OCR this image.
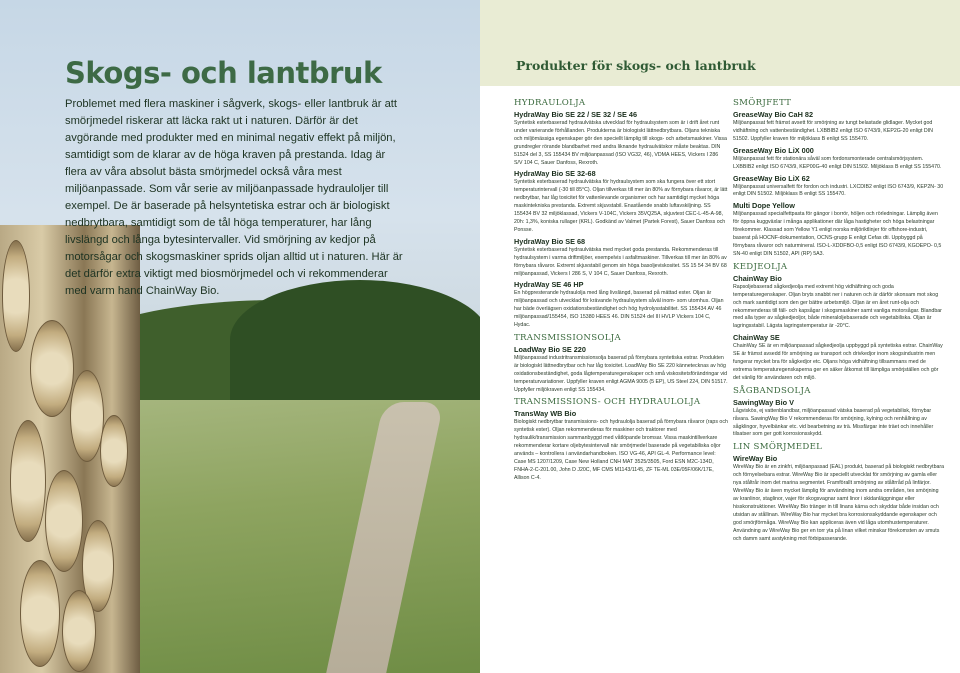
Skogs- och lantbruk

Problemet med flera maskiner i sågverk, skogs- eller lantbruk är att smörjmedel riskerar att läcka rakt ut i naturen. Därför är det avgörande med produkter med en minimal negativ effekt på miljön, samtidigt som de klarar av de höga kraven på prestanda. Idag är flera av våra absolut bästa smörjmedel också våra mest miljöanpassade. Som vår serie av miljöanpassade hydrauloljer till exempel. De är baserade på helsyntetiska estrar och är biologiskt nedbrytbara, samtidigt som de tål höga temperaturer, har lång livslängd och långa bytesintervaller. Vid smörjning av kedjor på motorsågar och skogsmaskiner sprids oljan alltid ut i naturen. Här är det därför extra viktigt med biosmörjmedel och vi rekommenderar med varm hand ChainWay Bio.

Produkter för skogs- och lantbruk
HYDRAULOLJA
HydraWay Bio SE 22 / SE 32 / SE 46
Syntetisk esterbaserad hydraulvätska utvecklad för hydraulsystem som är i drift året runt under varierande förhållanden. Produkterna är biologiskt lättnedbrytbara. Oljans tekniska och miljömässiga egenskaper gör den speciellt lämplig till skogs- och arbetsmaskiner. Vissa grundregler rörande blandbarhet med andra liknande hydraulvätskor måste beaktas. DIN 51524 del 3, SS 155434 BV miljöanpassad (ISO VG32, 46), VDMA HEES, Vickers I 286 S/V 104 C, Sauer Danfoss, Rexroth.
HydraWay Bio SE 32-68
Syntetisk esterbaserad hydraulvätska för hydraulsystem som ska fungera över ett stort temperaturintervall (-30 till 85°C). Oljan tillverkas till mer än 80% av förnybara råvaror, är lätt nedbrytbar, har låg toxicitet för vattenlevande organismer och har samtidigt mycket höga maskintekniska prestanda. Extremt skjuvstabil. Enastående snabb luftavskiljning. SS 155434 BV 32 miljöklassad, Vickers V-104C, Vickers 35VQ25A, skjuvtest CEC-L-45-A-98, 20h: 1,3%, koniska rullager (KRL). Godkänd av Valmet (Partek Forest), Sauer Danfoss och Ponsse.
HydraWay Bio SE 68
Syntetisk esterbaserad hydraulvätska med mycket goda prestanda. Rekommenderas till hydraulsystem i varma driftmiljöer, exempelvis i asfaltmaskiner. Tillverkas till mer än 80% av förnybara råvaror. Extremt skjuvstabil genom sin höga basoljeviskositet. SS 15 54 34 BV 68 miljöanpassad, Vickers I 286 S, V 104 C, Sauer Danfoss, Rexroth.
HydraWay SE 46 HP
En högpresterande hydraulolja med lång livslängd, baserad på mättad ester. Oljan är miljöanpassad och utvecklad för krävande hydraulsystem såväl inom- som utomhus. Oljan har bäde överlägsen oxidationsbeständighet och hög hydrolysstabilitet. SS 155434 AV 46 miljöanpassad/155454, ISO 15380 HEES 46. DIN 51524 del III HVLP Vickers 104 C, Hydac.
TRANSMISSIONSOLJA
LoadWay Bio SE 220
Miljöanpassad industritransmissionsolja baserad på förnybara syntetiska estrar. Produkten är biologiskt lättnedbrytbar och har låg toxicitet. LoadWay Bio SE 220 kännetecknas av hög oxidationsbeständighet, goda lågtemperaturegenskaper och små viskositetsförändringar vid temperaturvariationer. Uppfyller kraven enligt AGMA 9005 (5 EP), US Steel 224, DIN 51517. Uppfyller miljökraven enligt SS 155434.
TRANSMISSIONS- OCH HYDRAULOLJA
TransWay WB Bio
Biologiskt nedbrytbar transmissions- och hydraulolja baserad på förnybara råvaror (raps och syntetisk ester). Oljan rekommenderas för maskiner och traktorer med hydraulik/transmission sammanbyggd med våtlöpande bromsar. Vissa maskintillverkare rekommenderar kortare oljebytesintervall när smörjmedel baserade på vegetabiliska oljor används – kontrollera i användarhandboken. ISO VG-46, API GL-4. Performance level: Case MS 1207/1209, Case New Holland CNH MAT 3525/3505, Ford ESN M2C-134D, FNHA-2-C-201.00, John D J20C, MF CMS M1143/1145, ZF TE-ML 03E/05F/06K/17E, Allison C-4.
SMÖRJFETT
GreaseWay Bio CaH 82
Miljöanpassat fett främst avsett för smörjning av tungt belastade glidlager. Mycket god vidhäftning och vattenbeständighet. LXBBIB2 enligt ISO 6743/9, KEP2G-20 enligt DIN 51502. Uppfyller kraven för miljöklass B enligt SS 155470.
GreaseWay Bio LiX 000
Miljöanpassat fett för stationära såväl som fordonsmonterade centralsmörjsystem. LXBBIB2 enligt ISO 6743/9, KEP00G-40 enligt DIN 51502. Miljöklass B enligt SS 155470.
GreaseWay Bio LiX 62
Miljöanpassat universalfett för fordon och industri. LXCDIB2 enligt ISO 6743/9, KEP2N- 30 enligt DIN 51502. Miljöklass B enligt SS 155470.
Multi Dope Yellow
Miljöanpassad specialfettpasta för gängor i borrör, höljen och rörledningar. Lämplig även för öppna kuggväxlar i många applikationer där låga hastigheter och höga belastningar förekommer. Klassad som Yellow Y1 enligt norska miljöriktlinjer för offshore-industri, baserat på HOCNF-dokumentation, OCNS-grupp E enligt Cefas dti. Uppbyggd på förnybara råvaror och naturmineral. ISO-L-XDDFBO-0,5 enligt ISO 6743/9, KGOEPO- 0,5 SN-40 enligt DIN 51502, API (RP) 5A3.
KEDJEOLJA
ChainWay Bio
Rapsoljebaserad sågkedjeolja med extremt hög vidhäftning och goda temperaturegenskaper. Oljan bryts snabbt ner i naturen och är därför skonsam mot skog och mark samtidigt som den ger bättre arbetsmiljö. Oljan är en året runt-olja och rekommenderas till fäll- och kapsågar i skogsmaskiner samt vanliga motorsågar. Blandbar med alla typer av sågkedjeoljor, både mineraloljebaserade och vegetabiliska. Oljan är lagringsstabil. Lägsta lagringstemperatur är -20°C.
ChainWay SE
ChainWay SE är en miljöanpassad sågkedjeolja uppbyggd på syntetiska estrar. ChainWay SE är främst avsedd för smörjning av transport och drivkedjor inom skogsindustrin men fungerar mycket bra för sågkedjor etc. Oljans höga vidhäftning tillsammans med de extrema temperaturegenskaperna ger en säker åtkomst till lämpliga smörjställen och gör det vänlig för användaren och miljö.
SÅGBANDSOLJA
SawingWay Bio V
Lågviskös, ej vattenblandbar, miljöanpassad vätska baserad på vegetabilisk, förnybar råvara. SawingWay Bio V rekommenderas för smörjning, kylning och renhållning av sågklingor, hyvelbänkar etc. vid bearbetning av trä. Missfärgar inte träet och innehåller tilsatser som ger gott korrosionsskydd.
LIN SMÖRJMEDEL
WireWay Bio
WireWay Bio är en zinkfri, miljöanpassad (EAL) produkt, baserad på biologiskt nedbrytbara och förnyelsebara estrar. WireWay Bio är speciellt utvecklat för smörjning av gamla eller nya ståltrår inom det marina segmentet. Framförallt smörjning av ståltrråd på linfärjor. WireWay Bio är även mycket lämplig för användning inom andra områden, tex smörjning av kranlinor, staglinor, vajer för skogsvagnar samt linor i skidanläggningar eller hisskonstruktioner. WireWay Bio tränger in till linans kärna och skyddar både insidan och utsidan av stållinan. WireWay Bio har mycket bra korrosionsskyddande egenskaper och god smörjförmåga. WireWay Bio kan appliceras även vid låga utomhustemperaturer. Användning av WireWay Bio ger en torr yta på linan vilket minskar förekomsten av smuts och damm samt avstykning mot förbipasserande.
